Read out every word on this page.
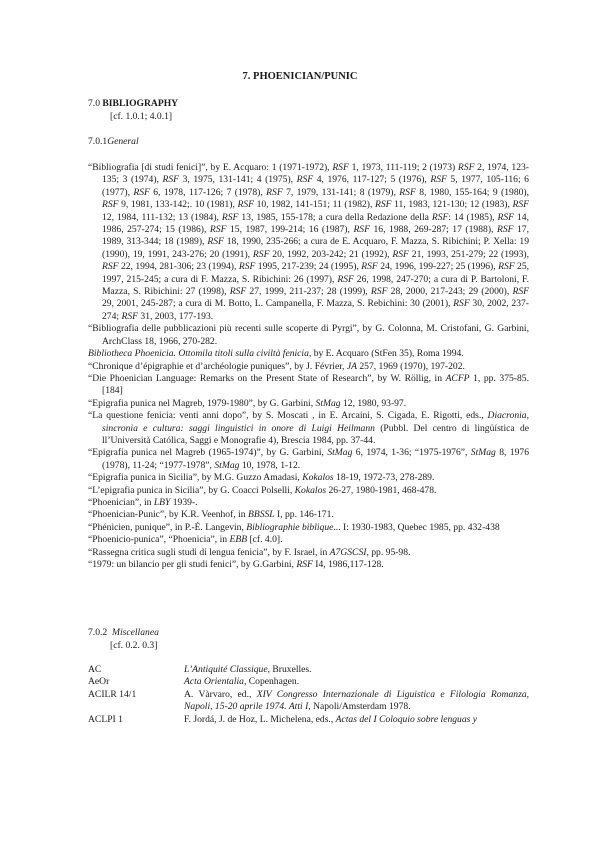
7. PHOENICIAN/PUNIC
7.0 BIBLIOGRAPHY
[cf. 1.0.1; 4.0.1]
7.0.1General

“Bibliografia [di studi fenici]”, by E. Acquaro: 1 (1971-1972), RSF 1, 1973, 111-119; 2 (1973) RSF 2, 1974, 123-135; 3 (1974), RSF 3, 1975, 131-141; 4 (1975), RSF 4, 1976, 117-127; 5 (1976), RSF 5, 1977, 105-116; 6 (1977), RSF 6, 1978, 117-126; 7 (1978), RSF 7, 1979, 131-141; 8 (1979), RSF 8, 1980, 155-164; 9 (1980), RSF 9, 1981, 133-142;. 10 (1981), RSF 10, 1982, 141-151; 11 (1982), RSF 11, 1983, 121-130; 12 (1983), RSF 12, 1984, 111-132; 13 (1984), RSF 13, 1985, 155-178; a cura della Redazione della RSF: 14 (1985), RSF 14, 1986, 257-274; 15 (1986), RSF 15, 1987, 199-214; 16 (1987), RSF 16, 1988, 269-287; 17 (1988), RSF 17, 1989, 313-344; 18 (1989), RSF 18, 1990, 235-266; a cura de E. Acquaro, F. Mazza, S. Ribichini; P. Xella: 19 (1990), 19, 1991, 243-276; 20 (1991), RSF 20, 1992, 203-242; 21 (1992), RSF 21, 1993, 251-279; 22 (1993), RSF 22, 1994, 281-306; 23 (1994), RSF 1995, 217-239; 24 (1995), RSF 24, 1996, 199-227; 25 (1996), RSF 25, 1997, 215-245; a cura di F. Mazza, S. Ribichini: 26 (1997), RSF 26, 1998, 247-270; a cura di P. Bartoloni, F. Mazza, S. Ribichini: 27 (1998), RSF 27, 1999, 211-237; 28 (1999), RSF 28, 2000, 217-243; 29 (2000), RSF 29, 2001, 245-287; a cura di M. Botto, L. Campanella, F. Mazza, S. Rebichini: 30 (2001), RSF 30, 2002, 237-274; RSF 31, 2003, 177-193.

“Bibliografia delle pubblicazioni più recenti sulle scoperte di Pyrgi”, by G. Colonna, M. Cristofani, G. Garbini, ArchClass 18, 1966, 270-282.

Bibliotheca Phoenicia. Ottomila titoli sulla civiltà fenicia, by E. Acquaro (StFen 35), Roma 1994.

“Chronique d’épigraphie et d’archéologie puniques”, by J. Février, JA 257, 1969 (1970), 197-202.

“Die Phoenician Language: Remarks on the Present State of Research”, by W. Röllig, in ACFP 1, pp. 375-85. [184]

“Epigrafia punica nel Magreb, 1979-1980”, by G. Garbini, StMag 12, 1980, 93-97.

“La questione fenicia: venti anni dopo”, by S. Moscati , in E. Arcaini, S. Cigada, E. Rigotti, eds., Diacronia, sincronia e cultura: saggi linguistici in onore di Luigi Heilmann (Pubbl. Del centro di lingüística de ll’Università Católica, Saggi e Monografie 4), Brescia 1984, pp. 37-44.

“Epigrafia punica nel Magreb (1965-1974)”, by G. Garbini, StMag 6, 1974, 1-36; “1975-1976”, StMag 8, 1976 (1978), 11-24; “1977-1978”, StMag 10, 1978, 1-12.

“Epigrafia punica in Sicilia”, by M.G. Guzzo Amadasi, Kokalos 18-19, 1972-73, 278-289.

“L’epigrafia punica in Sicilia”, by G. Coacci Polselli, Kokalos 26-27, 1980-1981, 468-478.

“Phoenician”, in LBY 1939-.

“Phoenician-Punic”, by K.R. Veenhof, in BBSSL I, pp. 146-171.

“Phénicien, punique”, in P.-É. Langevin, Bibliographie biblique... I: 1930-1983, Quebec 1985, pp. 432-438

“Phoenicio-punica”, “Phoenicia”, in EBB [cf. 4.0].

“Rassegna critica sugli studi di lengua fenicia”, by F. Israel, in A7GSCSI, pp. 95-98.

“1979: un bilancio per gli studi fenici”, by G.Garbini, RSF I4, 1986,117-128.

7.0.2 Miscellanea
[cf. 0.2. 0.3]
AC	L’Antiquité Classique, Bruxelles.
AeOr	Acta Orientalia, Copenhagen.
ACILR 14/1	A. Vàrvaro, ed., XIV Congresso Internazionale di Liguistica e Filologia Romanza, Napoli, 15-20 aprile 1974. Atti I, Napoli/Amsterdam 1978.
ACLPI 1	F. Jordá, J. de Hoz, L. Michelena, eds., Actas del I Coloquio sobre lenguas y
